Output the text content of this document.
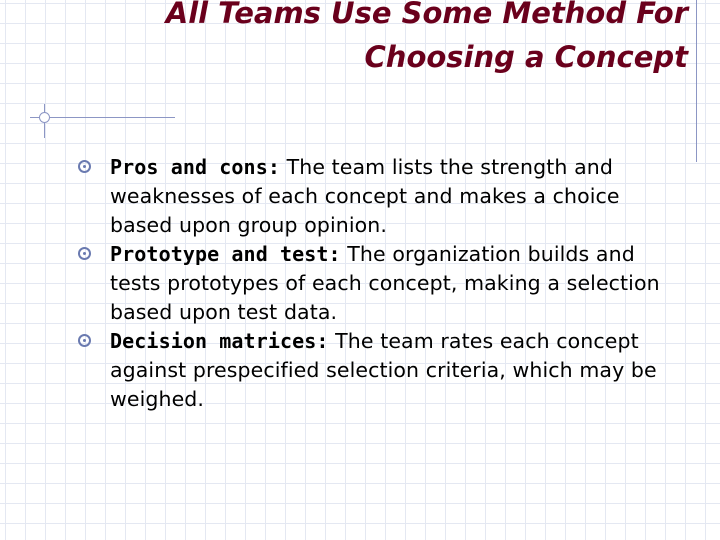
All Teams Use Some Method For
Choosing a Concept
Pros and cons: The team lists the strength and weaknesses of each concept and makes a choice based upon group opinion.
Prototype and test: The organization builds and tests prototypes of each concept, making a selection based upon test data.
Decision matrices: The team rates each concept against prespecified selection criteria, which may be weighed.
